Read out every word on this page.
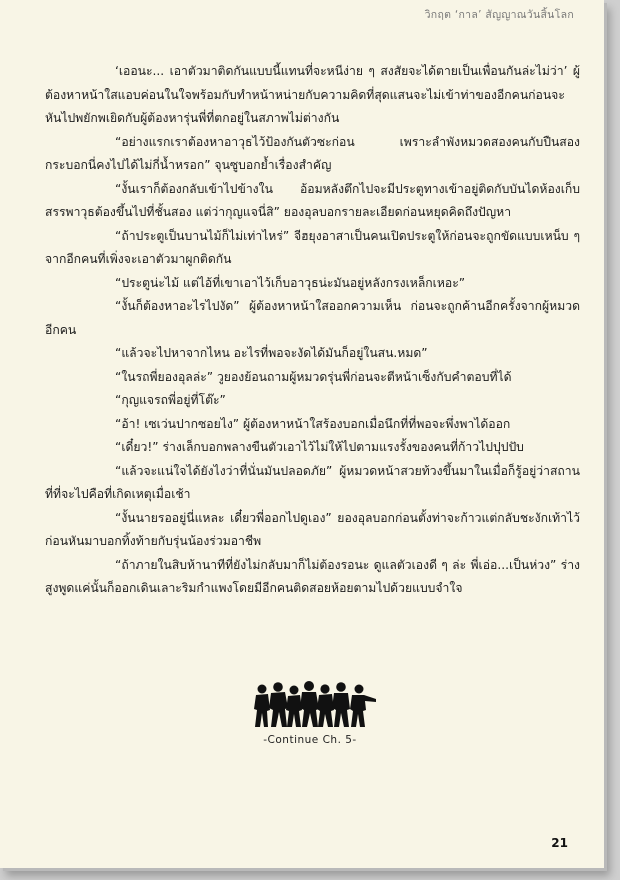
วิกฤต ‘กาล’ สัญญาณวันสิ้นโลก

‘เออนะ... เอาตัวมาติดกันแบบนี้แทนที่จะหนีง่าย ๆ สงสัยจะได้ตายเป็นเพื่อนกันล่ะไม่ว่า’ ผู้ต้องหาหน้าใสแอบค่อนในใจพร้อมกับทำหน้าหน่ายกับความคิดที่สุดแสนจะไม่เข้าท่าของอีกคนก่อนจะหันไปพยักพเยิดกับผู้ต้องหารุ่นพี่ที่ตกอยู่ในสภาพไม่ต่างกัน

“อย่างแรกเราต้องหาอาวุธไว้ป้องกันตัวซะก่อน เพราะลำพังหมวดสองคนกับปืนสองกระบอกนี่คงไปได้ไม่กี่น้ำหรอก” จุนซูบอกย้ำเรื่องสำคัญ

“งั้นเราก็ต้องกลับเข้าไปข้างใน อ้อมหลังตึกไปจะมีประตูทางเข้าอยู่ติดกับบันไดห้องเก็บสรรพาวุธต้องขึ้นไปที่ชั้นสอง แต่ว่ากุญแจนี่สิ” ยองอุลบอกรายละเอียดก่อนหยุดคิดถึงปัญหา

“ถ้าประตูเป็นบานไม้ก็ไม่เท่าไหร่” จีฮยุงอาสาเป็นคนเปิดประตูให้ก่อนจะถูกขัดแบบเหน็บ ๆ จากอีกคนที่เพิ่งจะเอาตัวมาผูกติดกัน

“ประตูน่ะไม้ แต่ไอ้ที่เขาเอาไว้เก็บอาวุธน่ะมันอยู่หลังกรงเหล็กเหอะ”

“งั้นก็ต้องหาอะไรไปงัด” ผู้ต้องหาหน้าใสออกความเห็น ก่อนจะถูกค้านอีกครั้งจากผู้หมวดอีกคน

“แล้วจะไปหาจากไหน อะไรที่พอจะงัดได้มันก็อยู่ในสน.หมด”

“ในรถพี่ยองอุลล่ะ” วูยองย้อนถามผู้หมวดรุ่นพี่ก่อนจะตีหน้าเซ็งกับคำตอบที่ได้

“กุญแจรถพี่อยู่ที่โต๊ะ”

“อ้า! เซเว่นปากซอยไง” ผู้ต้องหาหน้าใสร้องบอกเมื่อนึกที่ที่พอจะพึ่งพาได้ออก

“เดี๋ยว!” ร่างเล็กบอกพลางขืนตัวเอาไว้ไม่ให้ไปตามแรงรั้งของคนที่ก้าวไปปุปปับ

“แล้วจะแน่ใจได้ยังไงว่าที่นั่นมันปลอดภัย” ผู้หมวดหน้าสวยท้วงขึ้นมาในเมื่อก็รู้อยู่ว่าสถานที่ที่จะไปคือที่เกิดเหตุเมื่อเช้า

“งั้นนายรออยู่นี่แหละ เดี๋ยวพี่ออกไปดูเอง” ยองอุลบอกก่อนตั้งท่าจะก้าวแต่กลับชะงักเท้าไว้ก่อนหันมาบอกทิ้งท้ายกับรุ่นน้องร่วมอาชีพ

“ถ้าภายในสิบห้านาทีที่ยังไม่กลับมาก็ไม่ต้องรอนะ ดูแลตัวเองดี ๆ ล่ะ พี่เอ่อ...เป็นห่วง” ร่างสูงพูดแค่นั้นก็ออกเดินเลาะริมกำแพงโดยมีอีกคนติดสอยห้อยตามไปด้วยแบบจำใจ

-Continue Ch. 5-
21
